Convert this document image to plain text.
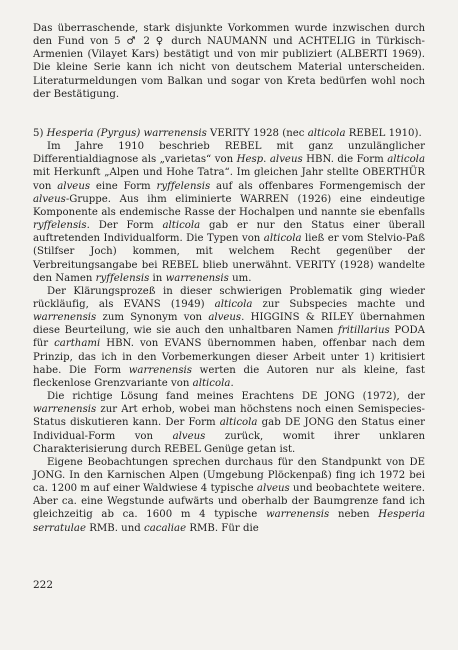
Das überraschende, stark disjunkte Vorkommen wurde inzwischen durch den Fund von 5 ♂ 2 ♀ durch NAUMANN und ACHTELIG in Türkisch-Armenien (Vilayet Kars) bestätigt und von mir publiziert (ALBERTI 1969). Die kleine Serie kann ich nicht von deutschem Material unterscheiden. Literaturmeldungen vom Balkan und sogar von Kreta bedürfen wohl noch der Bestätigung.

5) Hesperia (Pyrgus) warrenensis VERITY 1928 (nec alticola REBEL 1910).

Im Jahre 1910 beschrieb REBEL mit ganz unzulänglicher Differentialdiagnose als „varietas“ von Hesp. alveus HBN. die Form alticola mit Herkunft „Alpen und Hohe Tatra“. Im gleichen Jahr stellte OBERTHÜR von alveus eine Form ryffelensis auf als offenbares Formengemisch der alveus-Gruppe. Aus ihm eliminierte WARREN (1926) eine eindeutige Komponente als endemische Rasse der Hochalpen und nannte sie ebenfalls ryffelensis. Der Form alticola gab er nur den Status einer überall auftretenden Individualform. Die Typen von alticola ließ er vom Stelvio-Paß (Stilfser Joch) kommen, mit welchem Recht gegenüber der Verbreitungsangabe bei REBEL blieb unerwähnt. VERITY (1928) wandelte den Namen ryffelensis in warrenensis um.

Der Klärungsprozeß in dieser schwierigen Problematik ging wieder rückläufig, als EVANS (1949) alticola zur Subspecies machte und warrenensis zum Synonym von alveus. HIGGINS & RILEY übernahmen diese Beurteilung, wie sie auch den unhaltbaren Namen fritillarius PODA für carthami HBN. von EVANS übernommen haben, offenbar nach dem Prinzip, das ich in den Vorbemerkungen dieser Arbeit unter 1) kritisiert habe. Die Form warrenensis werten die Autoren nur als kleine, fast fleckenlose Grenzvariante von alticola.

Die richtige Lösung fand meines Erachtens DE JONG (1972), der warrenensis zur Art erhob, wobei man höchstens noch einen Semispecies-Status diskutieren kann. Der Form alticola gab DE JONG den Status einer Individual-Form von alveus zurück, womit ihrer unklaren Charakterisierung durch REBEL Genüge getan ist.

Eigene Beobachtungen sprechen durchaus für den Standpunkt von DE JONG. In den Karnischen Alpen (Umgebung Plöckenpaß) fing ich 1972 bei ca. 1200 m auf einer Waldwiese 4 typische alveus und beobachtete weitere. Aber ca. eine Wegstunde aufwärts und oberhalb der Baumgrenze fand ich gleichzeitig ab ca. 1600 m 4 typische warrenensis neben Hesperia serratulae RMB. und cacaliae RMB. Für die

222
